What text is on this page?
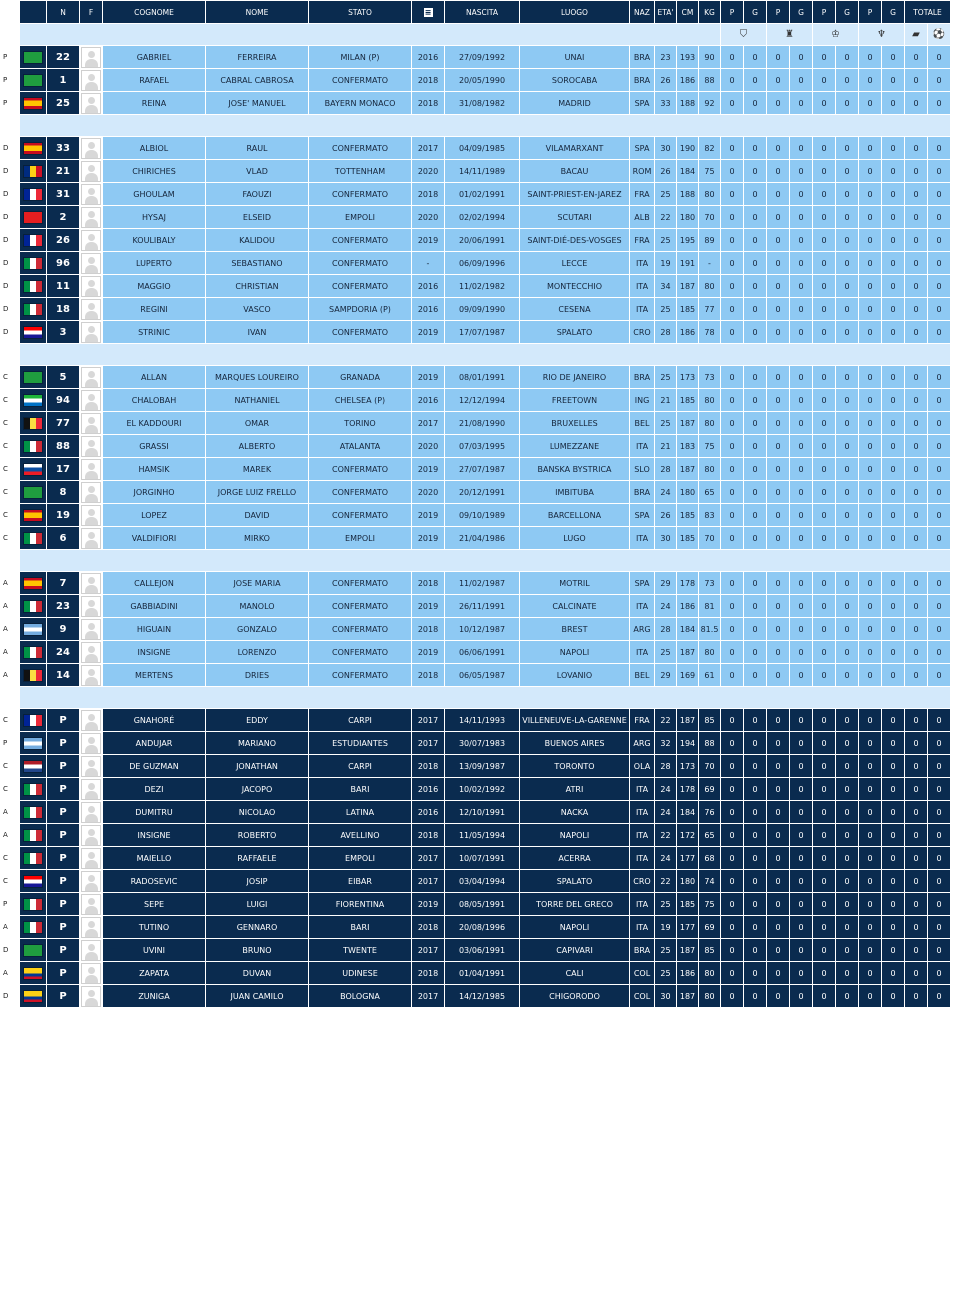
		N	F	COGNOME	NOME	STATO	≡	NASCITA	LUOGO	NAZ	ETA'	CM	KG	P	G	P	G	P	G	P	G	TOTALE	
														⛉		♜		♔		♆		▰	⚽
P		22		GABRIEL	FERREIRA	MILAN (P)	2016	27/09/1992	UNAI	BRA	23	193	90	0	0	0	0	0	0	0	0	0	0
P		1		RAFAEL	CABRAL CABROSA	CONFERMATO	2018	20/05/1990	SOROCABA	BRA	26	186	88	0	0	0	0	0	0	0	0	0	0
P		25		REINA	JOSE' MANUEL	BAYERN MONACO	2018	31/08/1982	MADRID	SPA	33	188	92	0	0	0	0	0	0	0	0	0	0

D		33		ALBIOL	RAUL	CONFERMATO	2017	04/09/1985	VILAMARXANT	SPA	30	190	82	0	0	0	0	0	0	0	0	0	0
D		21		CHIRICHES	VLAD	TOTTENHAM	2020	14/11/1989	BACAU	ROM	26	184	75	0	0	0	0	0	0	0	0	0	0
D		31		GHOULAM	FAOUZI	CONFERMATO	2018	01/02/1991	SAINT-PRIEST-EN-JAREZ	FRA	25	188	80	0	0	0	0	0	0	0	0	0	0
D		2		HYSAJ	ELSEID	EMPOLI	2020	02/02/1994	SCUTARI	ALB	22	180	70	0	0	0	0	0	0	0	0	0	0
D		26		KOULIBALY	KALIDOU	CONFERMATO	2019	20/06/1991	SAINT-DIÉ-DES-VOSGES	FRA	25	195	89	0	0	0	0	0	0	0	0	0	0
D		96		LUPERTO	SEBASTIANO	CONFERMATO	-	06/09/1996	LECCE	ITA	19	191	-	0	0	0	0	0	0	0	0	0	0
D		11		MAGGIO	CHRISTIAN	CONFERMATO	2016	11/02/1982	MONTECCHIO	ITA	34	187	80	0	0	0	0	0	0	0	0	0	0
D		18		REGINI	VASCO	SAMPDORIA (P)	2016	09/09/1990	CESENA	ITA	25	185	77	0	0	0	0	0	0	0	0	0	0
D		3		STRINIC	IVAN	CONFERMATO	2019	17/07/1987	SPALATO	CRO	28	186	78	0	0	0	0	0	0	0	0	0	0

C		5		ALLAN	MARQUES LOUREIRO	GRANADA	2019	08/01/1991	RIO DE JANEIRO	BRA	25	173	73	0	0	0	0	0	0	0	0	0	0
C		94		CHALOBAH	NATHANIEL	CHELSEA (P)	2016	12/12/1994	FREETOWN	ING	21	185	80	0	0	0	0	0	0	0	0	0	0
C		77		EL KADDOURI	OMAR	TORINO	2017	21/08/1990	BRUXELLES	BEL	25	187	80	0	0	0	0	0	0	0	0	0	0
C		88		GRASSI	ALBERTO	ATALANTA	2020	07/03/1995	LUMEZZANE	ITA	21	183	75	0	0	0	0	0	0	0	0	0	0
C		17		HAMSIK	MAREK	CONFERMATO	2019	27/07/1987	BANSKA BYSTRICA	SLO	28	187	80	0	0	0	0	0	0	0	0	0	0
C		8		JORGINHO	JORGE LUIZ FRELLO	CONFERMATO	2020	20/12/1991	IMBITUBA	BRA	24	180	65	0	0	0	0	0	0	0	0	0	0
C		19		LOPEZ	DAVID	CONFERMATO	2019	09/10/1989	BARCELLONA	SPA	26	185	83	0	0	0	0	0	0	0	0	0	0
C		6		VALDIFIORI	MIRKO	EMPOLI	2019	21/04/1986	LUGO	ITA	30	185	70	0	0	0	0	0	0	0	0	0	0

A		7		CALLEJON	JOSE MARIA	CONFERMATO	2018	11/02/1987	MOTRIL	SPA	29	178	73	0	0	0	0	0	0	0	0	0	0
A		23		GABBIADINI	MANOLO	CONFERMATO	2019	26/11/1991	CALCINATE	ITA	24	186	81	0	0	0	0	0	0	0	0	0	0
A		9		HIGUAIN	GONZALO	CONFERMATO	2018	10/12/1987	BREST	ARG	28	184	81.5	0	0	0	0	0	0	0	0	0	0
A		24		INSIGNE	LORENZO	CONFERMATO	2019	06/06/1991	NAPOLI	ITA	25	187	80	0	0	0	0	0	0	0	0	0	0
A		14		MERTENS	DRIES	CONFERMATO	2018	06/05/1987	LOVANIO	BEL	29	169	61	0	0	0	0	0	0	0	0	0	0

C		P		GNAHORÉ	EDDY	CARPI	2017	14/11/1993	VILLENEUVE-LA-GARENNE	FRA	22	187	85	0	0	0	0	0	0	0	0	0	0
P		P		ANDUJAR	MARIANO	ESTUDIANTES	2017	30/07/1983	BUENOS AIRES	ARG	32	194	88	0	0	0	0	0	0	0	0	0	0
C		P		DE GUZMAN	JONATHAN	CARPI	2018	13/09/1987	TORONTO	OLA	28	173	70	0	0	0	0	0	0	0	0	0	0
C		P		DEZI	JACOPO	BARI	2016	10/02/1992	ATRI	ITA	24	178	69	0	0	0	0	0	0	0	0	0	0
A		P		DUMITRU	NICOLAO	LATINA	2016	12/10/1991	NACKA	ITA	24	184	76	0	0	0	0	0	0	0	0	0	0
A		P		INSIGNE	ROBERTO	AVELLINO	2018	11/05/1994	NAPOLI	ITA	22	172	65	0	0	0	0	0	0	0	0	0	0
C		P		MAIELLO	RAFFAELE	EMPOLI	2017	10/07/1991	ACERRA	ITA	24	177	68	0	0	0	0	0	0	0	0	0	0
C		P		RADOSEVIC	JOSIP	EIBAR	2017	03/04/1994	SPALATO	CRO	22	180	74	0	0	0	0	0	0	0	0	0	0
P		P		SEPE	LUIGI	FIORENTINA	2019	08/05/1991	TORRE DEL GRECO	ITA	25	185	75	0	0	0	0	0	0	0	0	0	0
A		P		TUTINO	GENNARO	BARI	2018	20/08/1996	NAPOLI	ITA	19	177	69	0	0	0	0	0	0	0	0	0	0
D		P		UVINI	BRUNO	TWENTE	2017	03/06/1991	CAPIVARI	BRA	25	187	85	0	0	0	0	0	0	0	0	0	0
A		P		ZAPATA	DUVAN	UDINESE	2018	01/04/1991	CALI	COL	25	186	80	0	0	0	0	0	0	0	0	0	0
D		P		ZUNIGA	JUAN CAMILO	BOLOGNA	2017	14/12/1985	CHIGORODO	COL	30	187	80	0	0	0	0	0	0	0	0	0	0
